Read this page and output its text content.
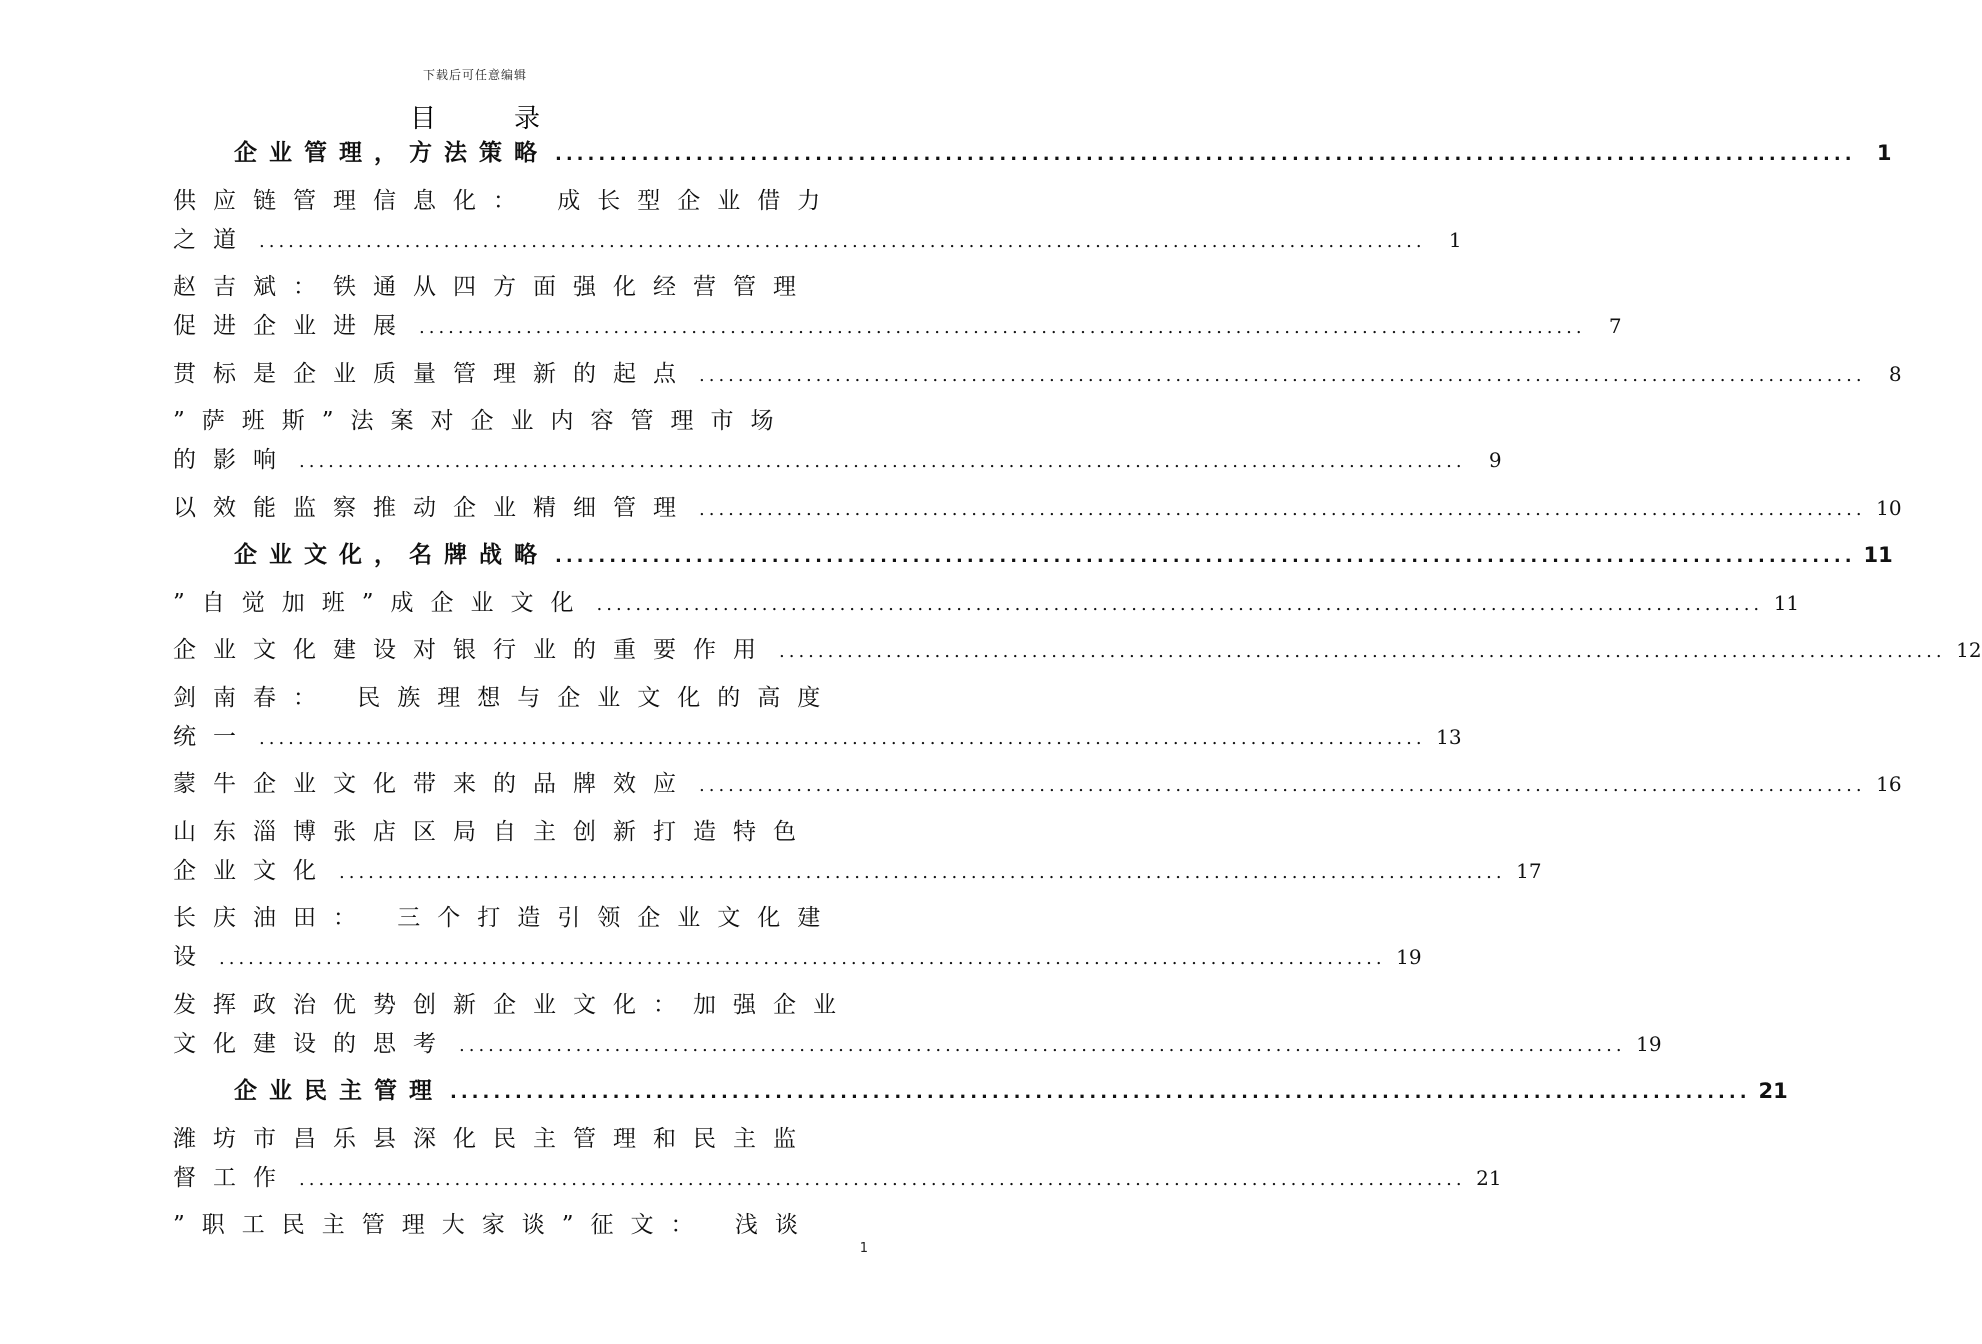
下载后可任意编辑
目	录
企业管理，方法策略 ........................................................................................................................	1
供应链管理信息化： 成长型企业借力
之道 ........................................................................................................................	1
赵吉斌：铁通从四方面强化经营管理
促进企业进展 ........................................................................................................................	7
贯标是企业质量管理新的起点 ........................................................................................................................	8
”萨班斯”法案对企业内容管理市场
的影响 ........................................................................................................................	9
以效能监察推动企业精细管理 ........................................................................................................................ 10
企业文化，名牌战略 ........................................................................................................................ 11
”自觉加班”成企业文化 ........................................................................................................................ 11
企业文化建设对银行业的重要作用 ........................................................................................................................ 12
剑南春： 民族理想与企业文化的高度
统一 ........................................................................................................................ 13
蒙牛企业文化带来的品牌效应 ........................................................................................................................ 16
山东淄博张店区局自主创新打造特色
企业文化 ........................................................................................................................ 17
长庆油田： 三个打造引领企业文化建
设 ........................................................................................................................ 19
发挥政治优势创新企业文化：加强企业
文化建设的思考 ........................................................................................................................ 19
企业民主管理 ........................................................................................................................ 21
潍坊市昌乐县深化民主管理和民主监
督工作 ........................................................................................................................ 21
”职工民主管理大家谈”征文： 浅谈
1
